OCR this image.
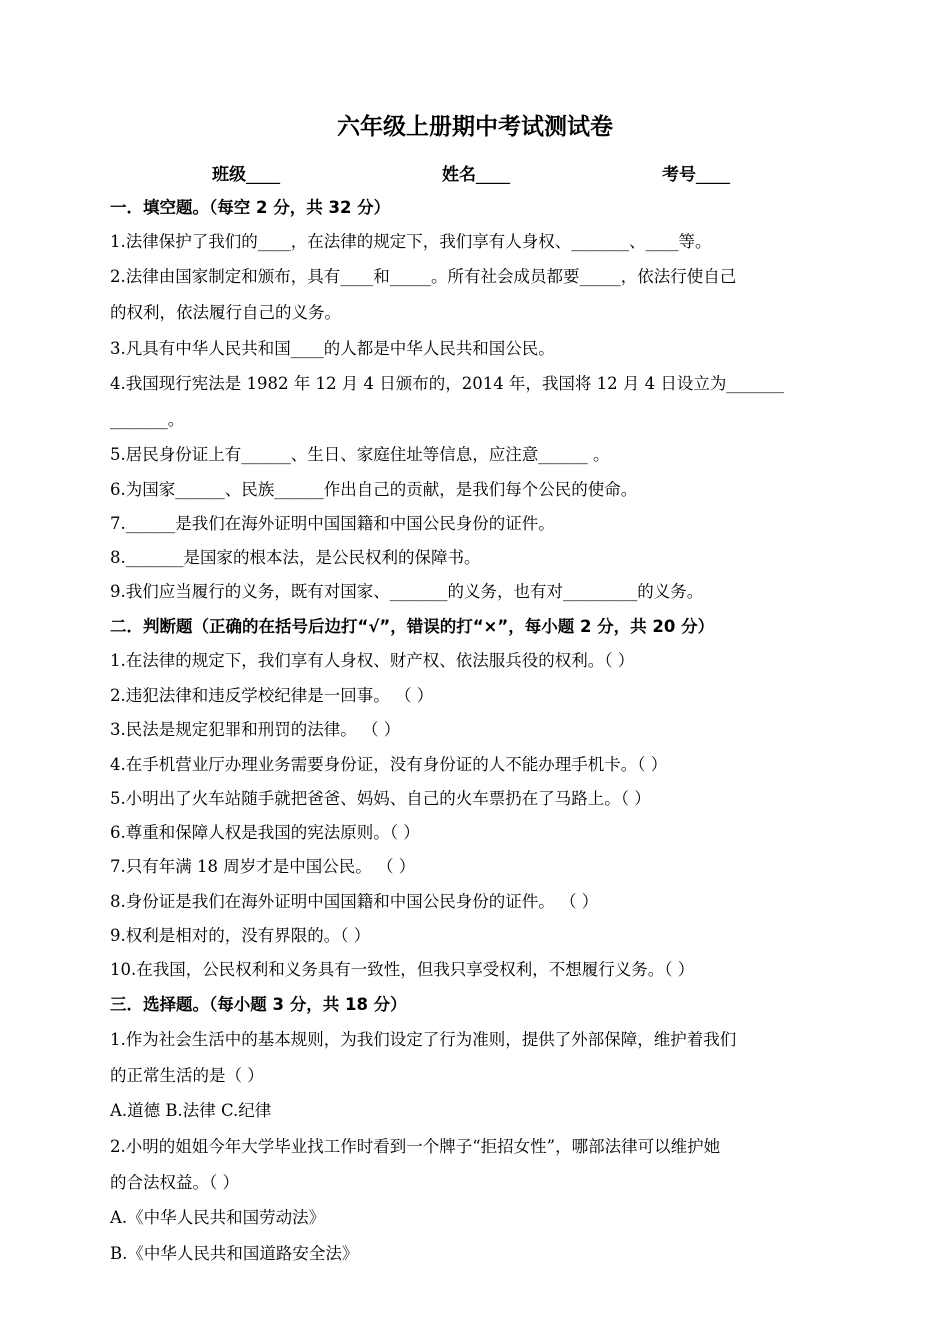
六年级上册期中考试测试卷
班级____	姓名____	考号____
一．填空题。（每空 2 分，共 32 分）
1.法律保护了我们的____，在法律的规定下，我们享有人身权、_______、____等。
2.法律由国家制定和颁布，具有____和_____。所有社会成员都要_____，依法行使自己
的权利，依法履行自己的义务。
3.凡具有中华人民共和国____的人都是中华人民共和国公民。
4.我国现行宪法是 1982 年 12 月 4 日颁布的，2014 年，我国将 12 月 4 日设立为_______
_______。
5.居民身份证上有______、生日、家庭住址等信息，应注意______ 。
6.为国家______、民族______作出自己的贡献，是我们每个公民的使命。
7.______是我们在海外证明中国国籍和中国公民身份的证件。
8._______是国家的根本法，是公民权利的保障书。
9.我们应当履行的义务，既有对国家、_______的义务，也有对_________的义务。
二．判断题（正确的在括号后边打“√”，错误的打“×”，每小题 2 分，共 20 分）
1.在法律的规定下，我们享有人身权、财产权、依法服兵役的权利。（ ）
2.违犯法律和违反学校纪律是一回事。 （ ）
3.民法是规定犯罪和刑罚的法律。 （ ）
4.在手机营业厅办理业务需要身份证，没有身份证的人不能办理手机卡。（ ）
5.小明出了火车站随手就把爸爸、妈妈、自己的火车票扔在了马路上。（ ）
6.尊重和保障人权是我国的宪法原则。（ ）
7.只有年满 18 周岁才是中国公民。 （ ）
8.身份证是我们在海外证明中国国籍和中国公民身份的证件。 （ ）
9.权利是相对的，没有界限的。（ ）
10.在我国，公民权利和义务具有一致性，但我只享受权利，不想履行义务。（ ）
三．选择题。（每小题 3 分，共 18 分）
1.作为社会生活中的基本规则，为我们设定了行为准则，提供了外部保障，维护着我们
的正常生活的是（ ）
A.道德 B.法律 C.纪律
2.小明的姐姐今年大学毕业找工作时看到一个牌子“拒招女性”，哪部法律可以维护她
的合法权益。（ ）
A.《中华人民共和国劳动法》
B.《中华人民共和国道路安全法》
